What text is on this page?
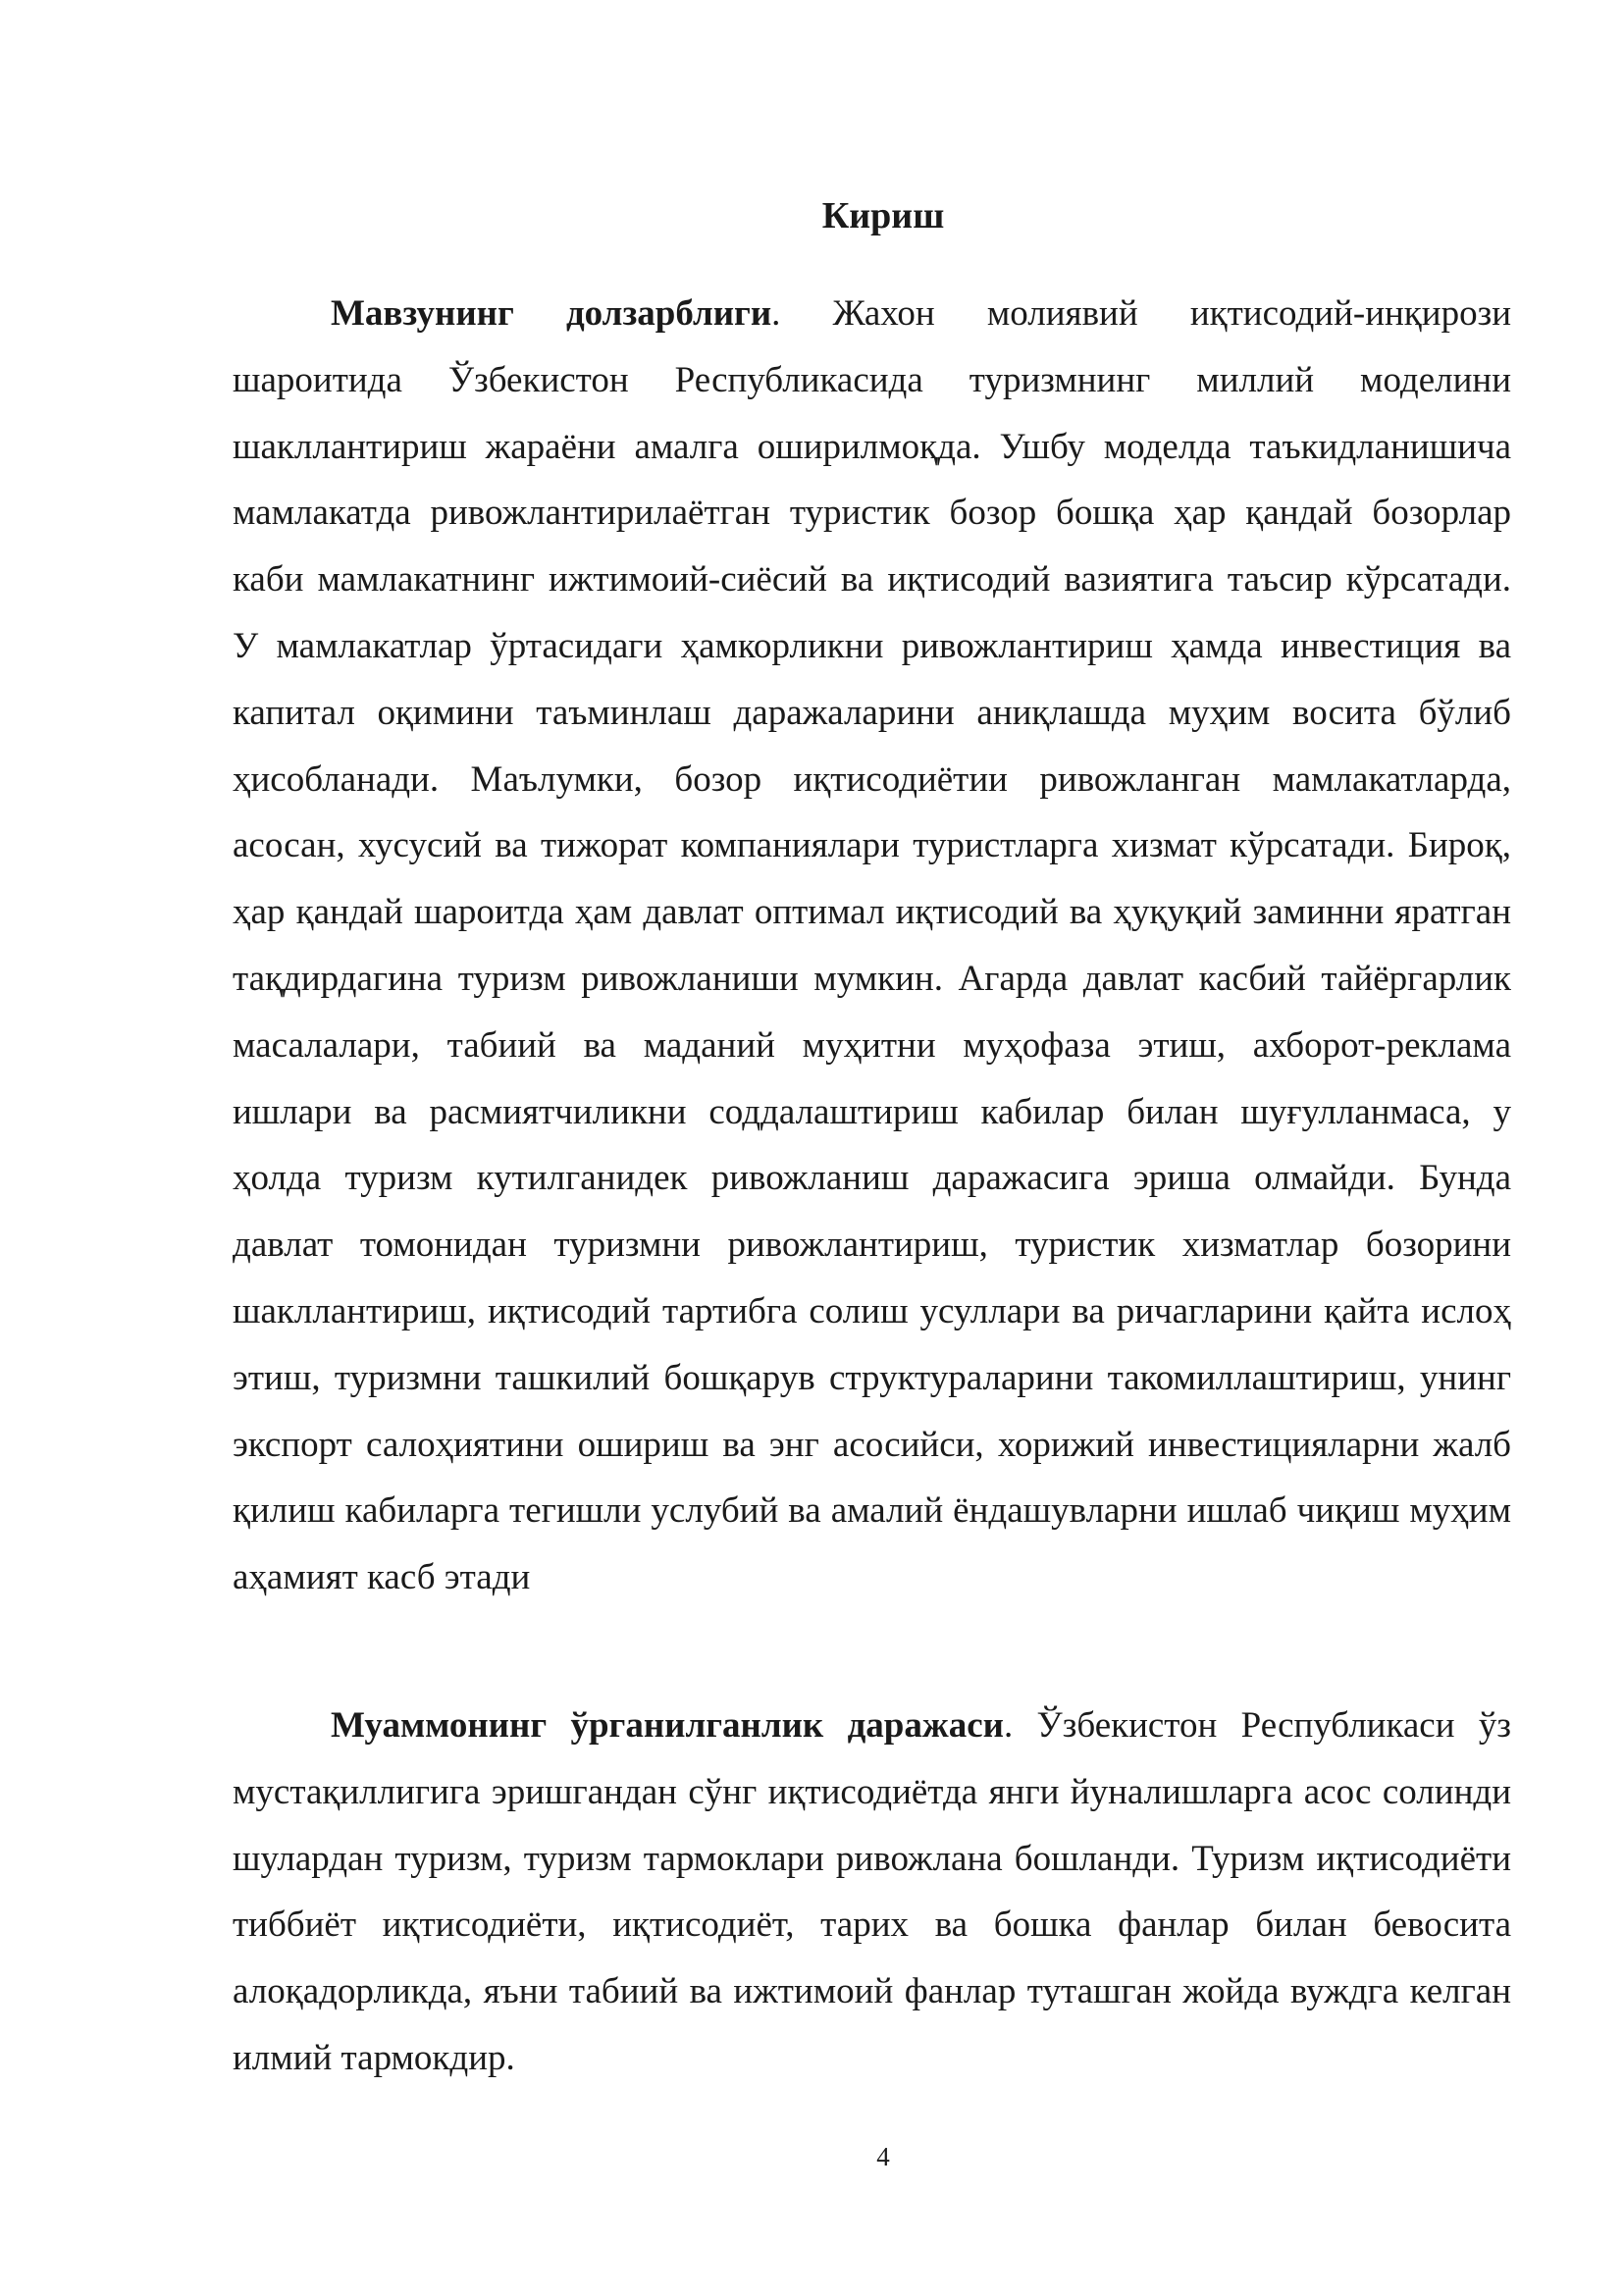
Кириш

Мавзунинг долзарблиги. Жахон молиявий иқтисодий-инқирози шароитида Ўзбекистон Республикасида туризмнинг миллий моделини шакллантириш жараёни амалга оширилмоқда. Ушбу моделда таъкидланишича мамлакатда ривожлантирилаётган туристик бозор бошқа ҳар қандай бозорлар каби мамлакатнинг ижтимоий-сиёсий ва иқтисодий вазиятига таъсир кўрсатади. У мамлакатлар ўртасидаги ҳамкорликни ривожлантириш ҳамда инвестиция ва капитал оқимини таъминлаш даражаларини аниқлашда муҳим восита бўлиб ҳисобланади. Маълумки, бозор иқтисодиётии ривожланган мамлакатларда, асосан, хусусий ва тижорат компаниялари туристларга хизмат кўрсатади. Бироқ, ҳар қандай шароитда ҳам давлат оптимал иқтисодий ва ҳуқуқий заминни яратган тақдирдагина туризм ривожланиши мумкин. Агарда давлат касбий тайёргарлик масалалари, табиий ва маданий муҳитни муҳофаза этиш, ахборот-реклама ишлари ва расмиятчиликни соддалаштириш кабилар билан шуғулланмаса, у ҳолда туризм кутилганидек ривожланиш даражасига эриша олмайди. Бунда давлат томонидан туризмни ривожлантириш, туристик хизматлар бозорини шакллантириш, иқтисодий тартибга солиш усуллари ва ричагларини қайта ислоҳ этиш, туризмни ташкилий бошқарув структураларини такомиллаштириш, унинг экспорт салоҳиятини ошириш ва энг асосийси, хорижий инвестицияларни жалб қилиш кабиларга тегишли услубий ва амалий ёндашувларни ишлаб чиқиш муҳим аҳамият касб этади

Муаммонинг ўрганилганлик даражаси. Ўзбекистон Республикаси ўз мустақиллигига эришгандан сўнг иқтисодиётда янги йуналишларга асос солинди шулардан туризм, туризм тармоклари ривожлана бошланди. Туризм иқтисодиёти тиббиёт иқтисодиёти, иқтисодиёт, тарих ва бошка фанлар билан бевосита алоқадорликда, яъни табиий ва ижтимоий фанлар туташган жойда вуждга келган илмий тармокдир.

4
